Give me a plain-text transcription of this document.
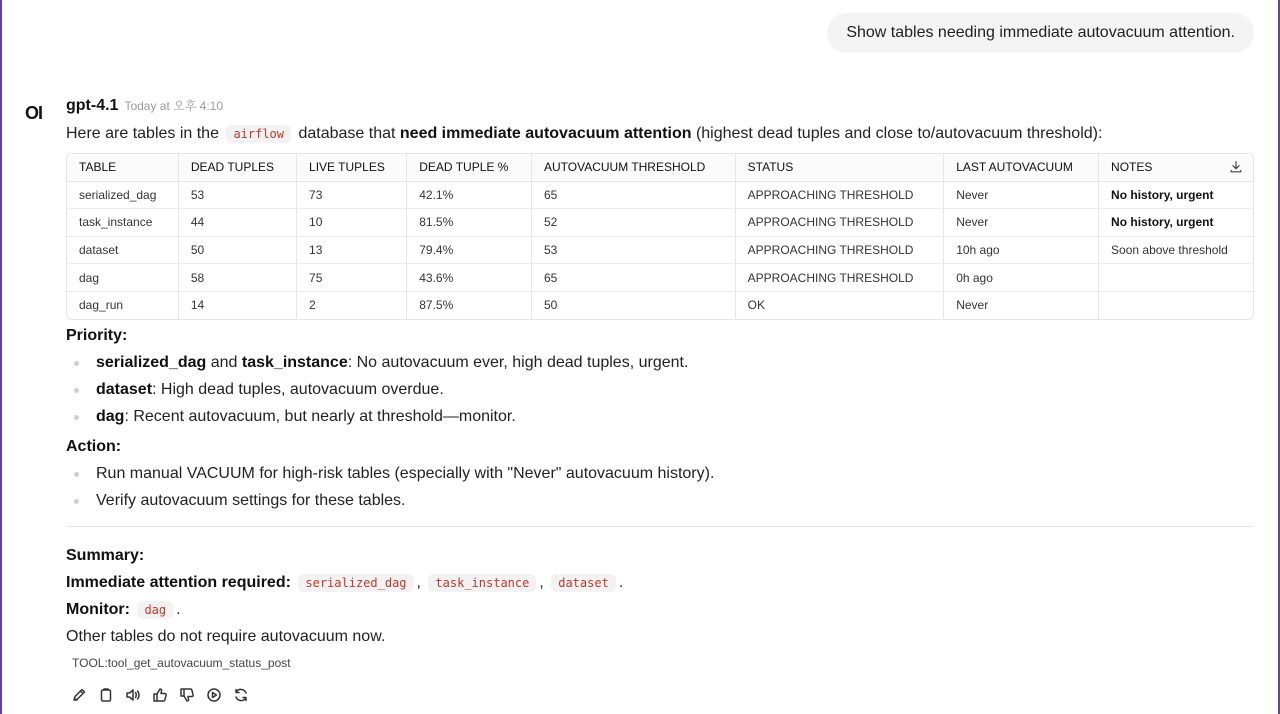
Show tables needing immediate autovacuum attention.
OI gpt-4.1 Today at 오후 4:10
Here are tables in the airflow database that need immediate autovacuum attention (highest dead tuples and close to/autovacuum threshold):
TABLE	DEAD TUPLES	LIVE TUPLES	DEAD TUPLE %	AUTOVACUUM THRESHOLD	STATUS	LAST AUTOVACUUM	NOTES
serialized_dag	53	73	42.1%	65	APPROACHING THRESHOLD	Never	No history, urgent
task_instance	44	10	81.5%	52	APPROACHING THRESHOLD	Never	No history, urgent
dataset	50	13	79.4%	53	APPROACHING THRESHOLD	10h ago	Soon above threshold
dag	58	75	43.6%	65	APPROACHING THRESHOLD	0h ago	
dag_run	14	2	87.5%	50	OK	Never	
Priority:
serialized_dag and task_instance: No autovacuum ever, high dead tuples, urgent.
dataset: High dead tuples, autovacuum overdue.
dag: Recent autovacuum, but nearly at threshold—monitor.
Action:
Run manual VACUUM for high-risk tables (especially with "Never" autovacuum history).
Verify autovacuum settings for these tables.
Summary:
Immediate attention required: serialized_dag , task_instance , dataset .
Monitor: dag .
Other tables do not require autovacuum now.
TOOL:tool_get_autovacuum_status_post
